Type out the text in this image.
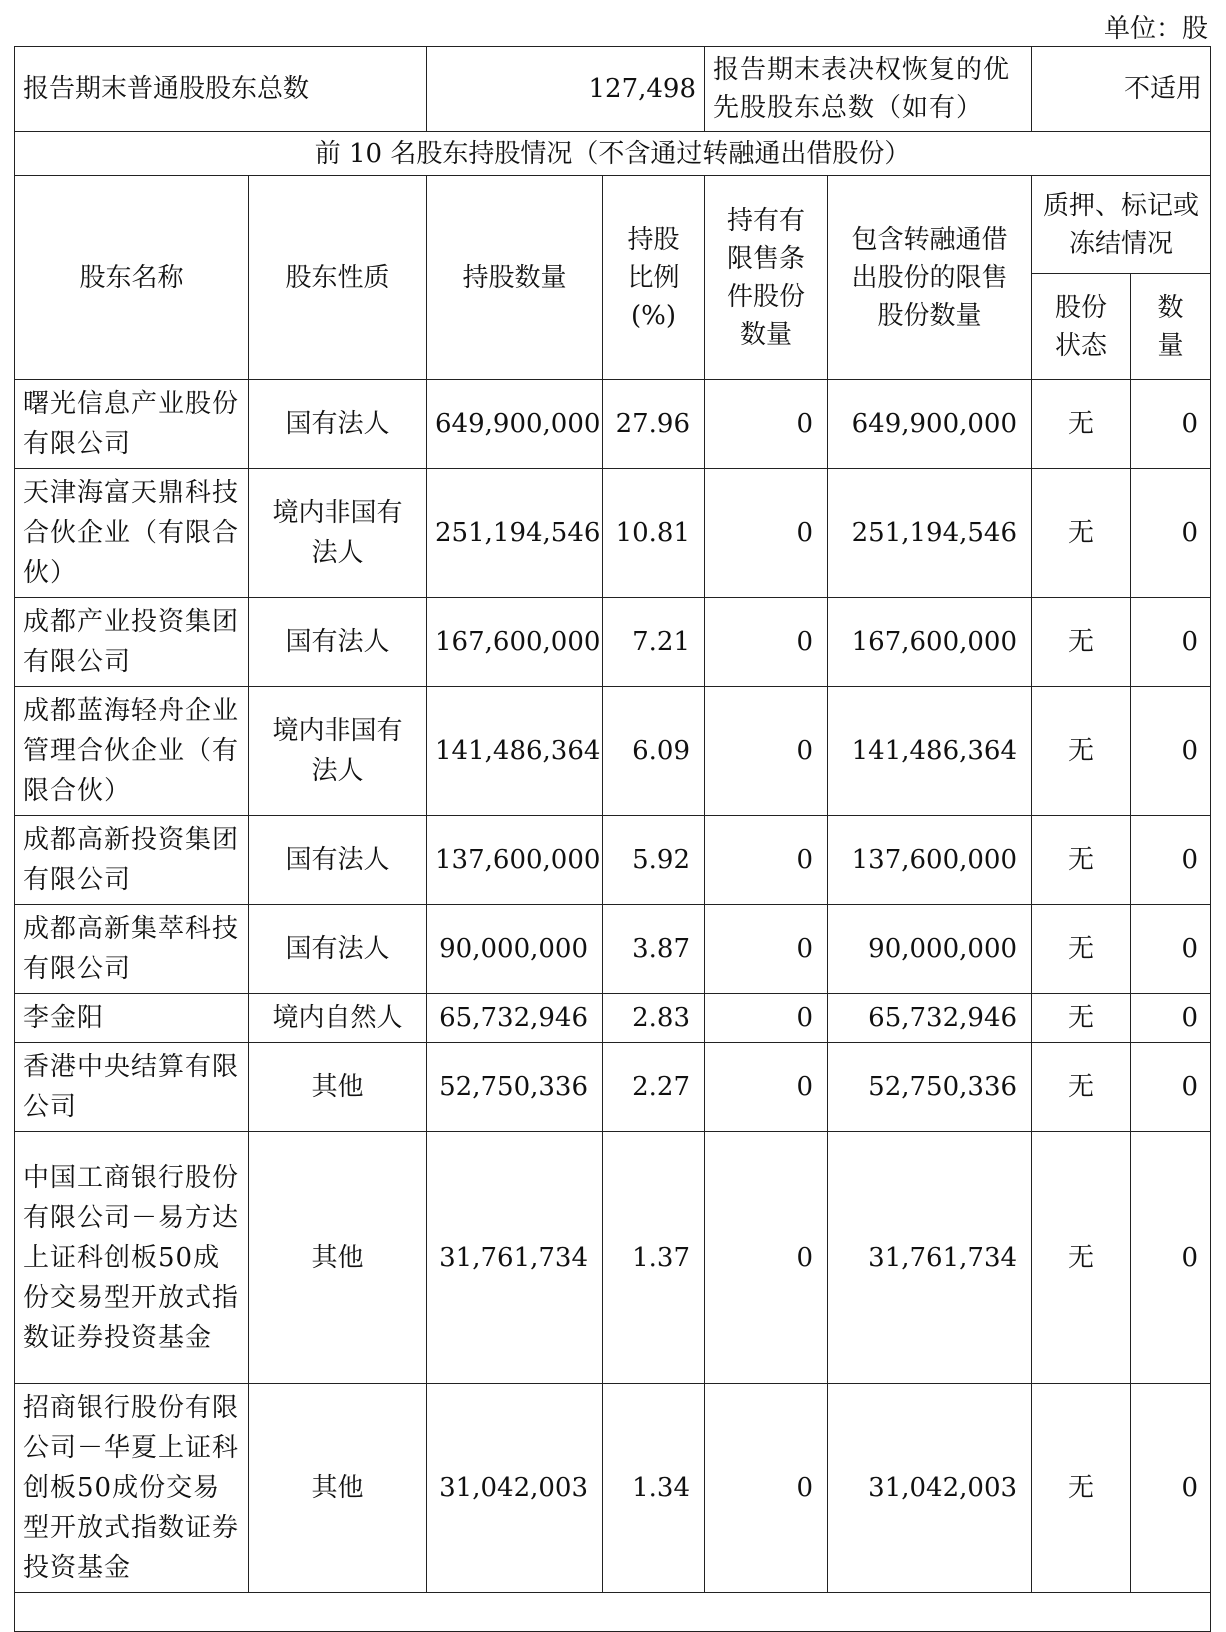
单位：股
报告期末普通股股东总数		127,498		报告期末表决权恢复的优先股股东总数（如有）		不适用	
前 10 名股东持股情况（不含通过转融通出借股份）							
股东名称	股东性质	持股数量	持股比例(%)	持有有限售条件股份数量	包含转融通借出股份的限售股份数量	质押、标记或冻结情况	
						股份状态	数量
曙光信息产业股份有限公司	国有法人	649,900,000	27.96	0	649,900,000	无	0
天津海富天鼎科技合伙企业（有限合伙）	境内非国有法人	251,194,546	10.81	0	251,194,546	无	0
成都产业投资集团有限公司	国有法人	167,600,000	7.21	0	167,600,000	无	0
成都蓝海轻舟企业管理合伙企业（有限合伙）	境内非国有法人	141,486,364	6.09	0	141,486,364	无	0
成都高新投资集团有限公司	国有法人	137,600,000	5.92	0	137,600,000	无	0
成都高新集萃科技有限公司	国有法人	90,000,000	3.87	0	90,000,000	无	0
李金阳	境内自然人	65,732,946	2.83	0	65,732,946	无	0
香港中央结算有限公司	其他	52,750,336	2.27	0	52,750,336	无	0
中国工商银行股份有限公司－易方达上证科创板50成份交易型开放式指数证券投资基金	其他	31,761,734	1.37	0	31,761,734	无	0
招商银行股份有限公司－华夏上证科创板50成份交易型开放式指数证券投资基金	其他	31,042,003	1.34	0	31,042,003	无	0
